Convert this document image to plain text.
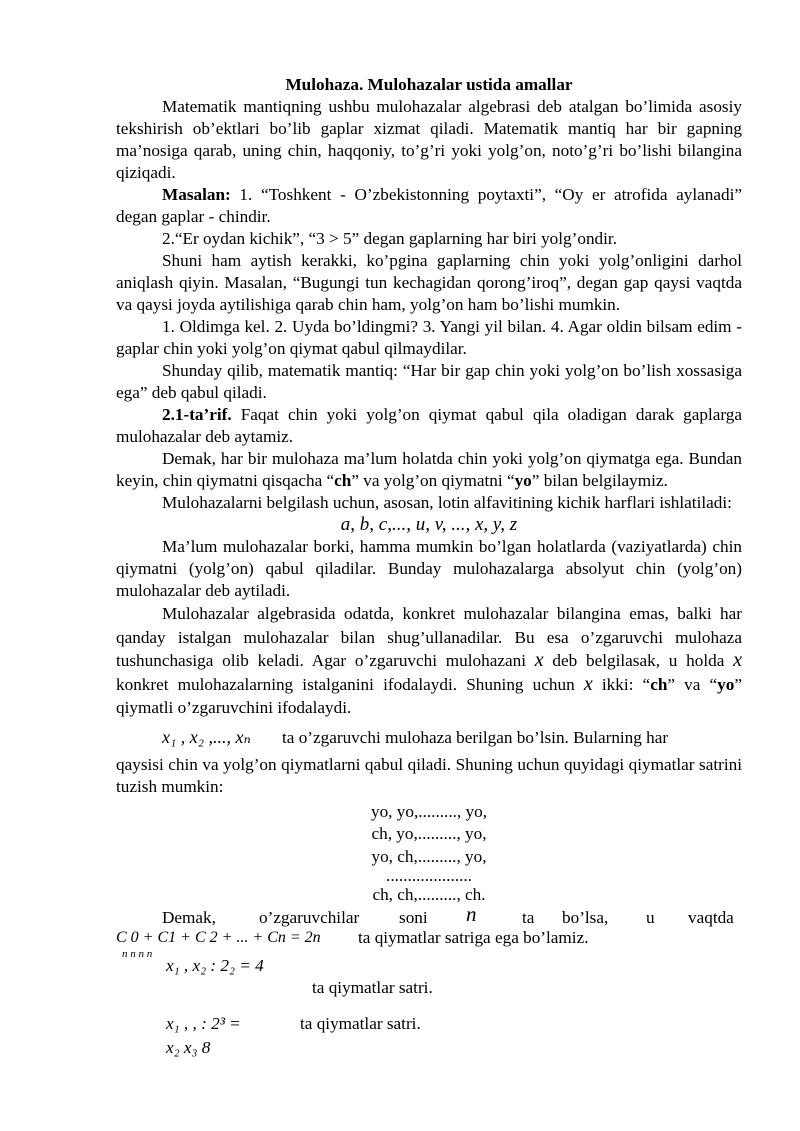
Mulohaza. Mulohazalar ustida amallar

Matematik mantiqning ushbu mulohazalar algebrasi deb atalgan bo’limida asosiy tekshirish ob’ektlari bo’lib gaplar xizmat qiladi. Matematik mantiq har bir gapning ma’nosiga qarab, uning chin, haqqoniy, to’g’ri yoki yolg’on, noto’g’ri bo’lishi bilangina qiziqadi.

Masalan: 1. “Toshkent - O’zbekistonning poytaxti”, “Oy er atrofida aylanadi” degan gaplar - chindir.

2.“Er oydan kichik”, “3 > 5” degan gaplarning har biri yolg’ondir.

Shuni ham aytish kerakki, ko’pgina gaplarning chin yoki yolg’onligini darhol aniqlash qiyin. Masalan, “Bugungi tun kechagidan qorong’iroq”, degan gap qaysi vaqtda va qaysi joyda aytilishiga qarab chin ham, yolg’on ham bo’lishi mumkin.

1. Oldimga kel. 2. Uyda bo’ldingmi? 3. Yangi yil bilan. 4. Agar oldin bilsam edim - gaplar chin yoki yolg’on qiymat qabul qilmaydilar.

Shunday qilib, matematik mantiq: “Har bir gap chin yoki yolg’on bo’lish xossasiga ega” deb qabul qiladi.

2.1-ta’rif. Faqat chin yoki yolg’on qiymat qabul qila oladigan darak gaplarga mulohazalar deb aytamiz.

Demak, har bir mulohaza ma’lum holatda chin yoki yolg’on qiymatga ega. Bundan keyin, chin qiymatni qisqacha “ch” va yolg’on qiymatni “yo” bilan belgilaymiz.

Mulohazalarni belgilash uchun, asosan, lotin alfavitining kichik harflari ishlatiladi:

a, b, c,..., u, v, ..., x, y, z

Ma’lum mulohazalar borki, hamma mumkin bo’lgan holatlarda (vaziyatlarda) chin qiymatni (yolg’on) qabul qiladilar. Bunday mulohazalarga absolyut chin (yolg’on) mulohazalar deb aytiladi.

Mulohazalar algebrasida odatda, konkret mulohazalar bilangina emas, balki har qanday istalgan mulohazalar bilan shug’ullanadilar. Bu esa o’zgaruvchi mulohaza tushunchasiga olib keladi. Agar o’zgaruvchi mulohazani x deb belgilasak, u holda x konkret mulohazalarning istalganini ifodalaydi. Shuning uchun x ikki: “ch” va “yo” qiymatli o’zgaruvchini ifodalaydi.

x₁ , x₂ ,..., xₙ ta o’zgaruvchi mulohaza berilgan bo’lsin. Bularning har

qaysisi chin va yolg’on qiymatlarni qabul qiladi. Shuning uchun quyidagi qiymatlar satrini tuzish mumkin:

yo, yo,........., yo,

ch, yo,........., yo,

yo, ch,........., yo,

....................

ch, ch,........., ch.

Demak,	o’zgaruvchilar soni n	ta bo’lsa, u vaqtda
C 0 + C1 + C 2 + ... + Cn = 2n ta qiymatlar satriga ega bo’lamiz.
n n n n
x₁ , x₂ : 2₂ = 4
ta qiymatlar satri.
x₁ , , : 2³ =	ta qiymatlar satri.
x₂ x₃ 8
